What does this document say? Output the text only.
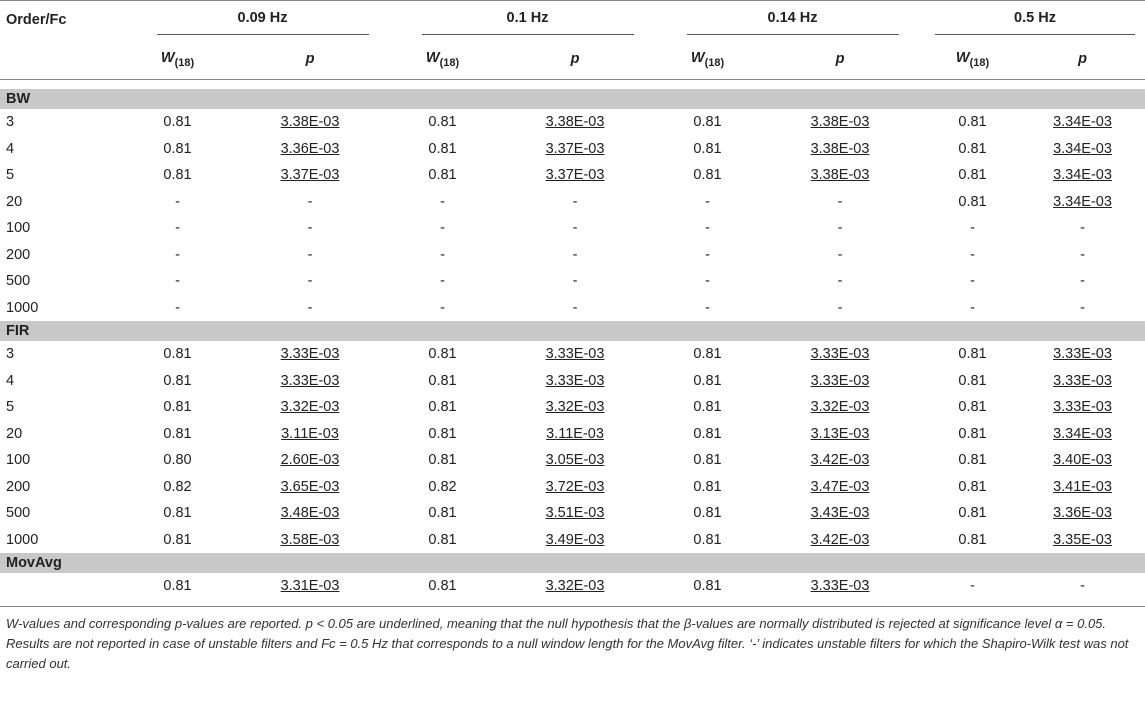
Order/Fc	0.09 Hz		0.1 Hz		0.14 Hz		0.5 Hz	
	$W_{(18)}$	p	$W_{(18)}$	p	$W_{(18)}$	p	$W_{(18)}$	p

BW								
3	0.81	3.38E-03	0.81	3.38E-03	0.81	3.38E-03	0.81	3.34E-03
4	0.81	3.36E-03	0.81	3.37E-03	0.81	3.38E-03	0.81	3.34E-03
5	0.81	3.37E-03	0.81	3.37E-03	0.81	3.38E-03	0.81	3.34E-03
20	-	-	-	-	-	-	0.81	3.34E-03
100	-	-	-	-	-	-	-	-
200	-	-	-	-	-	-	-	-
500	-	-	-	-	-	-	-	-
1000	-	-	-	-	-	-	-	-
FIR								
3	0.81	3.33E-03	0.81	3.33E-03	0.81	3.33E-03	0.81	3.33E-03
4	0.81	3.33E-03	0.81	3.33E-03	0.81	3.33E-03	0.81	3.33E-03
5	0.81	3.32E-03	0.81	3.32E-03	0.81	3.32E-03	0.81	3.33E-03
20	0.81	3.11E-03	0.81	3.11E-03	0.81	3.13E-03	0.81	3.34E-03
100	0.80	2.60E-03	0.81	3.05E-03	0.81	3.42E-03	0.81	3.40E-03
200	0.82	3.65E-03	0.82	3.72E-03	0.81	3.47E-03	0.81	3.41E-03
500	0.81	3.48E-03	0.81	3.51E-03	0.81	3.43E-03	0.81	3.36E-03
1000	0.81	3.58E-03	0.81	3.49E-03	0.81	3.42E-03	0.81	3.35E-03
MovAvg								
	0.81	3.31E-03	0.81	3.32E-03	0.81	3.33E-03	-	-

W-values and corresponding p-values are reported. p < 0.05 are underlined, meaning that the null hypothesis that the β-values are normally distributed is rejected at significance level α = 0.05. Results are not reported in case of unstable filters and Fc = 0.5 Hz that corresponds to a null window length for the MovAvg filter. ‘-’ indicates unstable filters for which the Shapiro-Wilk test was not carried out.
